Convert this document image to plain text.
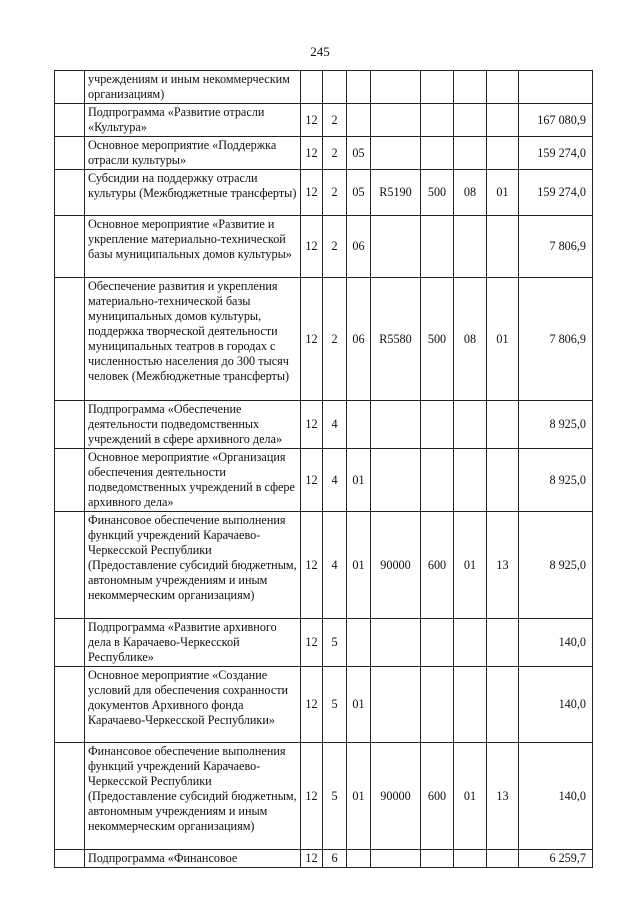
245
	учреждениям и иным некоммерческим организациям)								
	Подпрограмма «Развитие отрасли «Культура»	12	2						167 080,9
	Основное мероприятие «Поддержка отрасли культуры»	12	2	05					159 274,0
	Субсидии на поддержку отрасли культуры (Межбюджетные трансферты)	12	2	05	R5190	500	08	01	159 274,0
	Основное мероприятие «Развитие и укрепление материально-технической базы муниципальных домов культуры»	12	2	06					7 806,9
	Обеспечение развития и укрепления материально-технической базы муниципальных домов культуры, поддержка творческой деятельности муниципальных театров в городах с численностью населения до 300 тысяч человек (Межбюджетные трансферты)	12	2	06	R5580	500	08	01	7 806,9
	Подпрограмма «Обеспечение деятельности подведомственных учреждений в сфере архивного дела»	12	4						8 925,0
	Основное мероприятие «Организация обеспечения деятельности подведомственных учреждений в сфере архивного дела»	12	4	01					8 925,0
	Финансовое обеспечение выполнения функций учреждений Карачаево-Черкесской Республики (Предоставление субсидий бюджетным, автономным учреждениям и иным некоммерческим организациям)	12	4	01	90000	600	01	13	8 925,0
	Подпрограмма «Развитие архивного дела в Карачаево-Черкесской Республике»	12	5						140,0
	Основное мероприятие «Создание условий для обеспечения сохранности документов Архивного фонда Карачаево-Черкесской Республики»	12	5	01					140,0
	Финансовое обеспечение выполнения функций учреждений Карачаево-Черкесской Республики (Предоставление субсидий бюджетным, автономным учреждениям и иным некоммерческим организациям)	12	5	01	90000	600	01	13	140,0
	Подпрограмма «Финансовое	12	6						6 259,7
